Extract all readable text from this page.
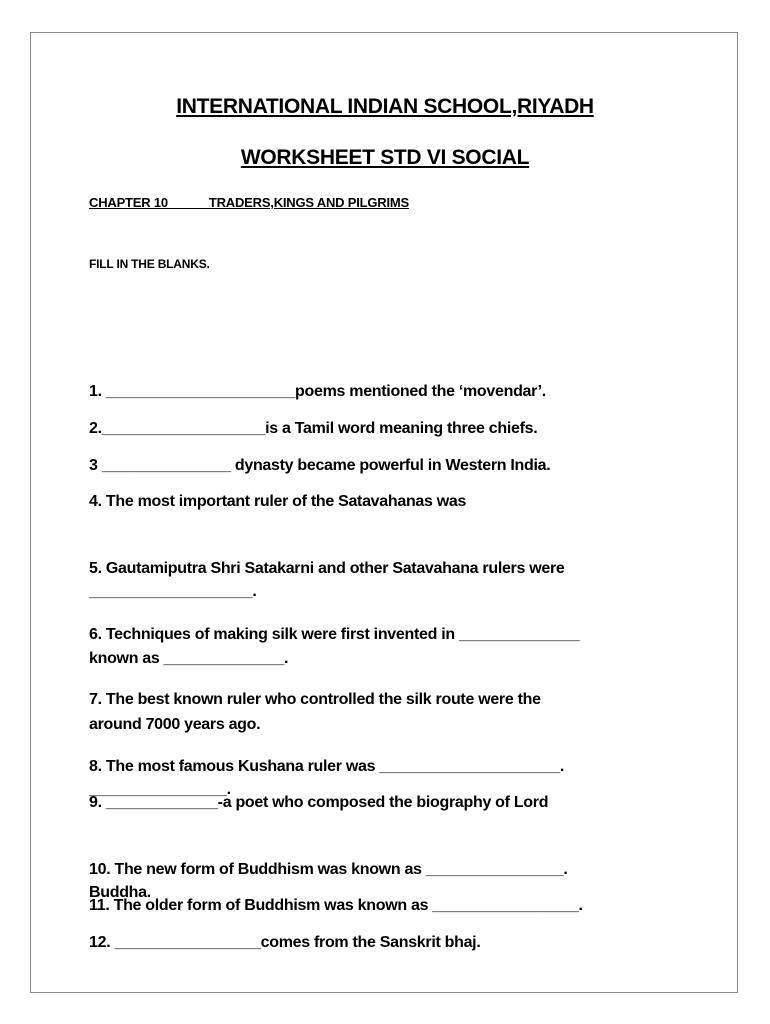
INTERNATIONAL INDIAN SCHOOL,RIYADH
WORKSHEET STD VI SOCIAL
CHAPTER 10            TRADERS,KINGS AND PILGRIMS
FILL IN THE BLANKS.

1. ______________________poems mentioned the ‘movendar’.

2.___________________is a Tamil word meaning three chiefs.

3 _______________ dynasty became powerful in Western India.

4. The most important ruler of the Satavahanas was

___________________.

5. Gautamiputra Shri Satakarni and other Satavahana rulers were

known as ______________.

6. Techniques of making silk were first invented in ______________

around 7000 years ago.

7. The best known ruler who controlled the silk route were the

________________.

8. The most famous Kushana ruler was _____________________.

9. _____________-a poet who composed the biography of Lord

Buddha.

10. The new form of Buddhism was known as ________________.

11. The older form of Buddhism was known as _________________.

12. _________________comes from the Sanskrit bhaj.
